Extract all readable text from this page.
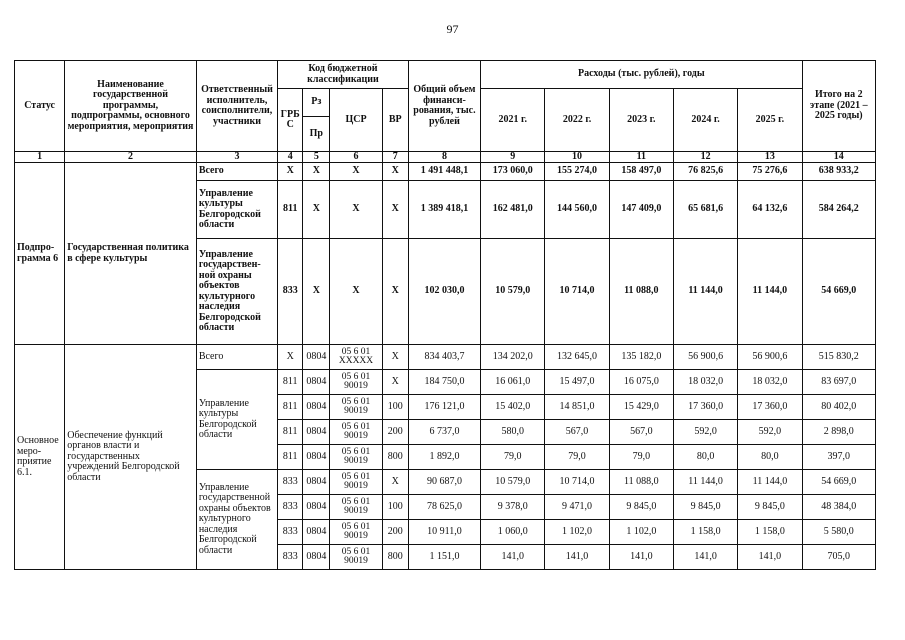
97
Статус	Наименование государственной программы, подпрограммы, основного мероприятия, мероприятия	Ответственный исполнитель, соисполнители, участники	Код бюджетной классификации				Общий объем финанси-рования, тыс. рублей	Расходы (тыс. рублей), годы					Итого на 2 этапе (2021 – 2025 годы)
			ГРБ С	Рз	ЦСР	ВР		2021 г.	2022 г.	2023 г.	2024 г.	2025 г.	
				Пр									
1	2	3	4	5	6	7	8	9	10	11	12	13	14
Подпро-грамма 6	Государственная политика в сфере культуры	Всего	X	X	X	X	1 491 448,1	173 060,0	155 274,0	158 497,0	76 825,6	75 276,6	638 933,2
		Управление культуры Белгородской области	811	X	X	X	1 389 418,1	162 481,0	144 560,0	147 409,0	65 681,6	64 132,6	584 264,2
		Управление государствен-ной охраны объектов культурного наследия Белгородской области	833	X	X	X	102 030,0	10 579,0	10 714,0	11 088,0	11 144,0	11 144,0	54 669,0
Основное меро-приятие 6.1.	Обеспечение функций органов власти и государственных учреждений Белгородской области	Всего	X	0804	05 6 01 XXXXX	X	834 403,7	134 202,0	132 645,0	135 182,0	56 900,6	56 900,6	515 830,2
		Управление культуры Белгородской области	811	0804	05 6 01 90019	X	184 750,0	16 061,0	15 497,0	16 075,0	18 032,0	18 032,0	83 697,0
			811	0804	05 6 01 90019	100	176 121,0	15 402,0	14 851,0	15 429,0	17 360,0	17 360,0	80 402,0
			811	0804	05 6 01 90019	200	6 737,0	580,0	567,0	567,0	592,0	592,0	2 898,0
			811	0804	05 6 01 90019	800	1 892,0	79,0	79,0	79,0	80,0	80,0	397,0
		Управление государственной охраны объектов культурного наследия Белгородской области	833	0804	05 6 01 90019	X	90 687,0	10 579,0	10 714,0	11 088,0	11 144,0	11 144,0	54 669,0
			833	0804	05 6 01 90019	100	78 625,0	9 378,0	9 471,0	9 845,0	9 845,0	9 845,0	48 384,0
			833	0804	05 6 01 90019	200	10 911,0	1 060,0	1 102,0	1 102,0	1 158,0	1 158,0	5 580,0
			833	0804	05 6 01 90019	800	1 151,0	141,0	141,0	141,0	141,0	141,0	705,0
